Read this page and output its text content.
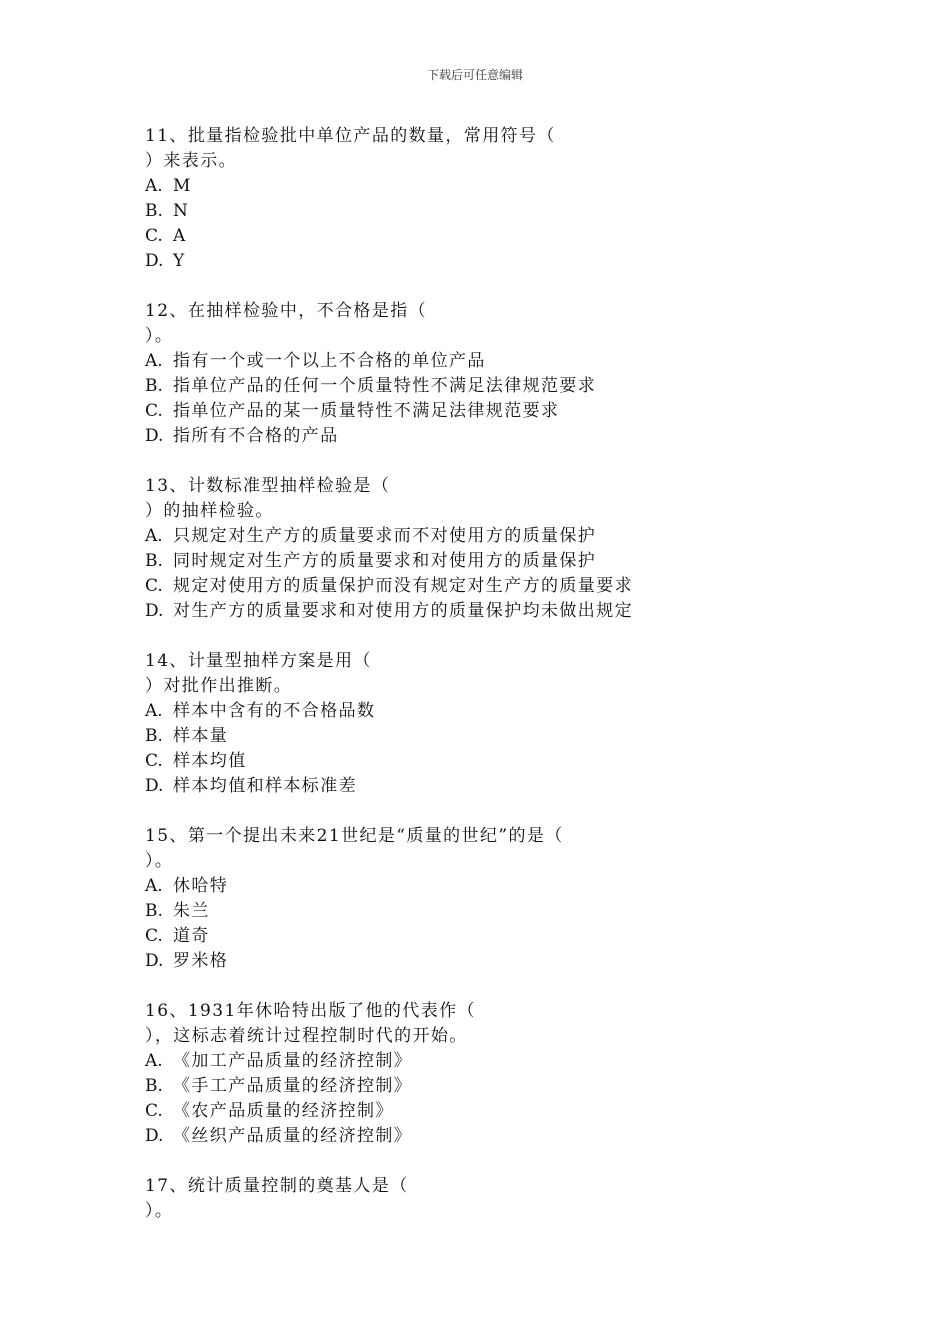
下载后可任意编辑
11、批量指检验批中单位产品的数量，常用符号（
）来表示。
A. M
B. N
C. A
D. Y
12、在抽样检验中，不合格是指（
）。
A. 指有一个或一个以上不合格的单位产品
B. 指单位产品的任何一个质量特性不满足法律规范要求
C. 指单位产品的某一质量特性不满足法律规范要求
D. 指所有不合格的产品
13、计数标准型抽样检验是（
）的抽样检验。
A. 只规定对生产方的质量要求而不对使用方的质量保护
B. 同时规定对生产方的质量要求和对使用方的质量保护
C. 规定对使用方的质量保护而没有规定对生产方的质量要求
D. 对生产方的质量要求和对使用方的质量保护均未做出规定
14、计量型抽样方案是用（
）对批作出推断。
A. 样本中含有的不合格品数
B. 样本量
C. 样本均值
D. 样本均值和样本标准差
15、第一个提出未来21世纪是“质量的世纪”的是（
）。
A. 休哈特
B. 朱兰
C. 道奇
D. 罗米格
16、1931年休哈特出版了他的代表作（
），这标志着统计过程控制时代的开始。
A. 《加工产品质量的经济控制》
B. 《手工产品质量的经济控制》
C. 《农产品质量的经济控制》
D. 《丝织产品质量的经济控制》
17、统计质量控制的奠基人是（
）。
